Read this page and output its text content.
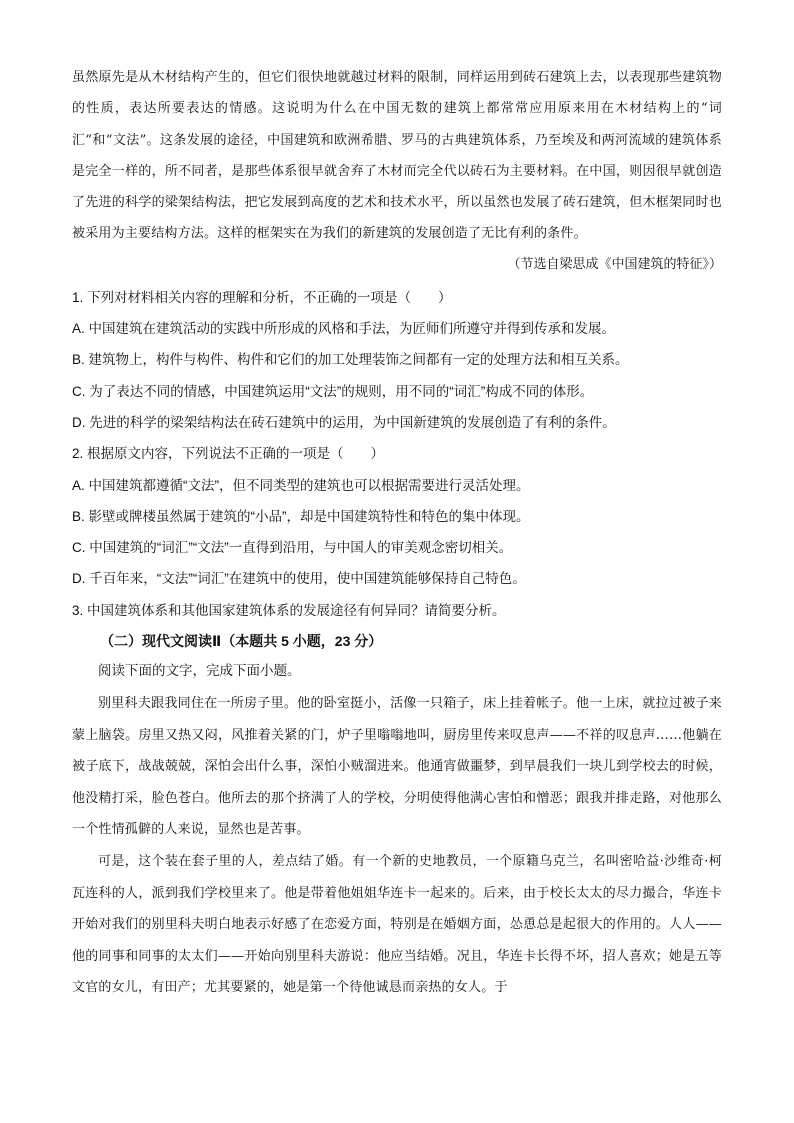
虽然原先是从木材结构产生的，但它们很快地就越过材料的限制，同样运用到砖石建筑上去，以表现那些建筑物的性质，表达所要表达的情感。这说明为什么在中国无数的建筑上都常常应用原来用在木材结构上的“词汇”和“文法”。这条发展的途径，中国建筑和欧洲希腊、罗马的古典建筑体系，乃至埃及和两河流域的建筑体系是完全一样的，所不同者，是那些体系很早就舍弃了木材而完全代以砖石为主要材料。在中国，则因很早就创造了先进的科学的梁架结构法，把它发展到高度的艺术和技术水平，所以虽然也发展了砖石建筑，但木框架同时也被采用为主要结构方法。这样的框架实在为我们的新建筑的发展创造了无比有利的条件。

（节选自梁思成《中国建筑的特征》）

1. 下列对材料相关内容的理解和分析，不正确的一项是（　　）

A. 中国建筑在建筑活动的实践中所形成的风格和手法，为匠师们所遵守并得到传承和发展。

B. 建筑物上，构件与构件、构件和它们的加工处理装饰之间都有一定的处理方法和相互关系。

C. 为了表达不同的情感，中国建筑运用“文法”的规则，用不同的“词汇”构成不同的体形。

D. 先进的科学的梁架结构法在砖石建筑中的运用，为中国新建筑的发展创造了有利的条件。

2. 根据原文内容，下列说法不正确的一项是（　　）

A. 中国建筑都遵循“文法”，但不同类型的建筑也可以根据需要进行灵活处理。

B. 影壁或牌楼虽然属于建筑的“小品”，却是中国建筑特性和特色的集中体现。

C. 中国建筑的“词汇”“文法”一直得到沿用，与中国人的审美观念密切相关。

D. 千百年来，“文法”“词汇”在建筑中的使用，使中国建筑能够保持自己特色。

3. 中国建筑体系和其他国家建筑体系的发展途径有何异同？请简要分析。

（二）现代文阅读Ⅱ（本题共 5 小题，23 分）

阅读下面的文字，完成下面小题。

别里科夫跟我同住在一所房子里。他的卧室挺小，活像一只箱子，床上挂着帐子。他一上床，就拉过被子来蒙上脑袋。房里又热又闷，风推着关紧的门，炉子里嗡嗡地叫，厨房里传来叹息声——不祥的叹息声……他躺在被子底下，战战兢兢，深怕会出什么事，深怕小贼溜进来。他通宵做噩梦，到早晨我们一块儿到学校去的时候，他没精打采，脸色苍白。他所去的那个挤满了人的学校，分明使得他满心害怕和憎恶；跟我并排走路，对他那么一个性情孤僻的人来说，显然也是苦事。

可是，这个装在套子里的人，差点结了婚。有一个新的史地教员，一个原籍乌克兰，名叫密哈益·沙维奇·柯瓦连科的人，派到我们学校里来了。他是带着他姐姐华连卡一起来的。后来，由于校长太太的尽力撮合，华连卡开始对我们的别里科夫明白地表示好感了在恋爱方面，特别是在婚姻方面，怂恿总是起很大的作用的。人人——他的同事和同事的太太们——开始向别里科夫游说：他应当结婚。况且，华连卡长得不坏，招人喜欢；她是五等文官的女儿，有田产；尤其要紧的，她是第一个待他诚恳而亲热的女人。于
